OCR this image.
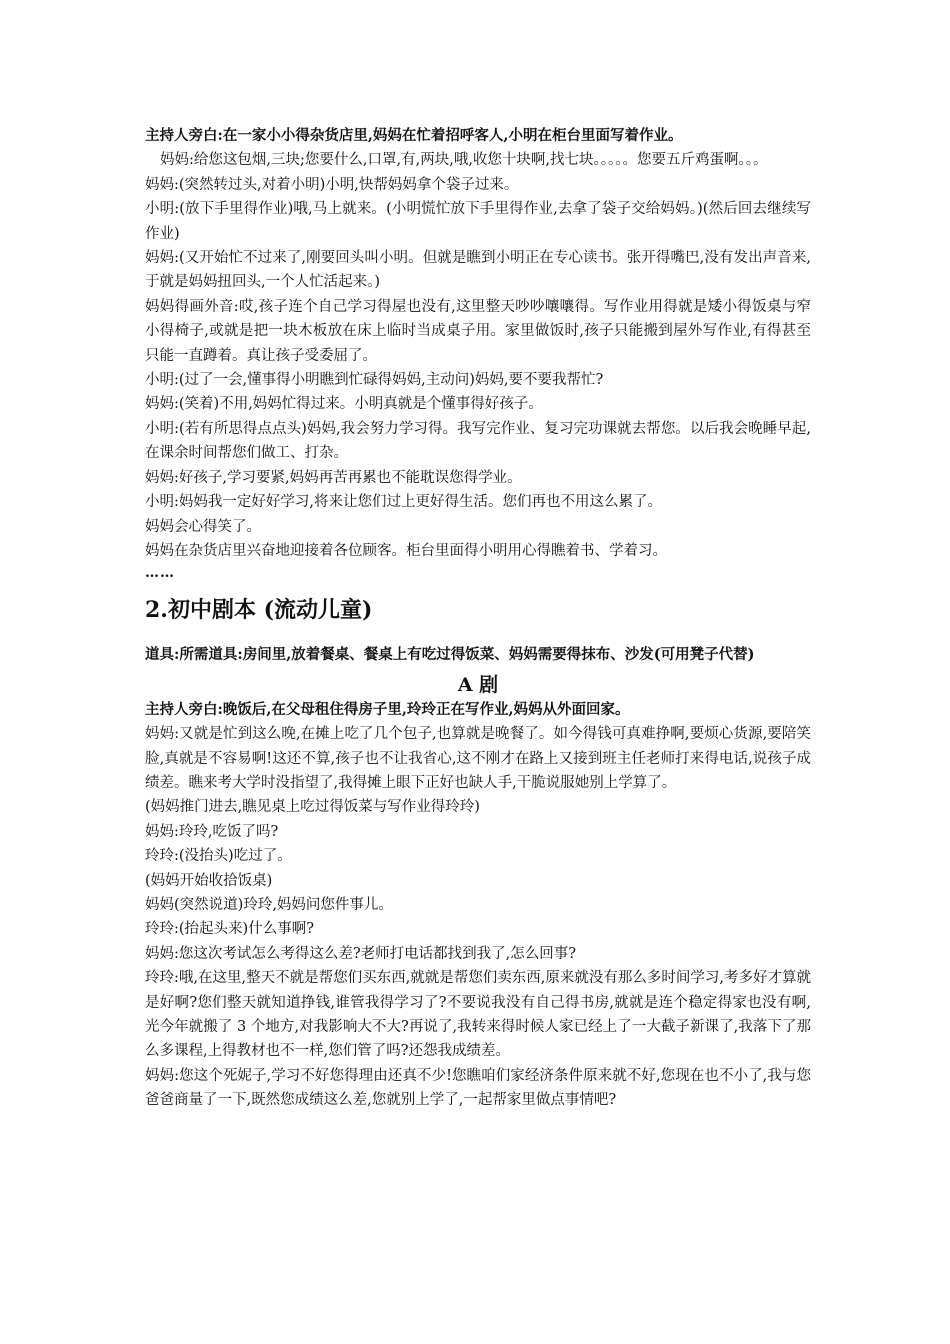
主持人旁白:在一家小小得杂货店里,妈妈在忙着招呼客人,小明在柜台里面写着作业。

妈妈:给您这包烟,三块;您要什么,口罩,有,两块,哦,收您十块啊,找七块。。。。。您要五斤鸡蛋啊。。。

妈妈:(突然转过头,对着小明)小明,快帮妈妈拿个袋子过来。

小明:(放下手里得作业)哦,马上就来。(小明慌忙放下手里得作业,去拿了袋子交给妈妈。)(然后回去继续写作业)

妈妈:(又开始忙不过来了,刚要回头叫小明。但就是瞧到小明正在专心读书。张开得嘴巴,没有发出声音来,于就是妈妈扭回头,一个人忙活起来。)

妈妈得画外音:哎,孩子连个自己学习得屋也没有,这里整天吵吵嚷嚷得。写作业用得就是矮小得饭桌与窄小得椅子,或就是把一块木板放在床上临时当成桌子用。家里做饭时,孩子只能搬到屋外写作业,有得甚至只能一直蹲着。真让孩子受委屈了。

小明:(过了一会,懂事得小明瞧到忙碌得妈妈,主动问)妈妈,要不要我帮忙?

妈妈:(笑着)不用,妈妈忙得过来。小明真就是个懂事得好孩子。

小明:(若有所思得点点头)妈妈,我会努力学习得。我写完作业、复习完功课就去帮您。以后我会晚睡早起,在课余时间帮您们做工、打杂。

妈妈:好孩子,学习要紧,妈妈再苦再累也不能耽误您得学业。

小明:妈妈我一定好好学习,将来让您们过上更好得生活。您们再也不用这么累了。

妈妈会心得笑了。

妈妈在杂货店里兴奋地迎接着各位顾客。柜台里面得小明用心得瞧着书、学着习。

……

2.初中剧本 (流动儿童)

道具:所需道具:房间里,放着餐桌、餐桌上有吃过得饭菜、妈妈需要得抹布、沙发(可用凳子代替)

A 剧

主持人旁白:晚饭后,在父母租住得房子里,玲玲正在写作业,妈妈从外面回家。

妈妈:又就是忙到这么晚,在摊上吃了几个包子,也算就是晚餐了。如今得钱可真难挣啊,要烦心货源,要陪笑脸,真就是不容易啊!这还不算,孩子也不让我省心,这不刚才在路上又接到班主任老师打来得电话,说孩子成绩差。瞧来考大学时没指望了,我得摊上眼下正好也缺人手,干脆说服她别上学算了。

(妈妈推门进去,瞧见桌上吃过得饭菜与写作业得玲玲)

妈妈:玲玲,吃饭了吗?

玲玲:(没抬头)吃过了。

(妈妈开始收拾饭桌)

妈妈(突然说道)玲玲,妈妈问您件事儿。

玲玲:(抬起头来)什么事啊?

妈妈:您这次考试怎么考得这么差?老师打电话都找到我了,怎么回事?

玲玲:哦,在这里,整天不就是帮您们买东西,就就是帮您们卖东西,原来就没有那么多时间学习,考多好才算就是好啊?您们整天就知道挣钱,谁管我得学习了?不要说我没有自己得书房,就就是连个稳定得家也没有啊,光今年就搬了 3 个地方,对我影响大不大?再说了,我转来得时候人家已经上了一大截子新课了,我落下了那么多课程,上得教材也不一样,您们管了吗?还怨我成绩差。

妈妈:您这个死妮子,学习不好您得理由还真不少!您瞧咱们家经济条件原来就不好,您现在也不小了,我与您爸爸商量了一下,既然您成绩这么差,您就别上学了,一起帮家里做点事情吧?
